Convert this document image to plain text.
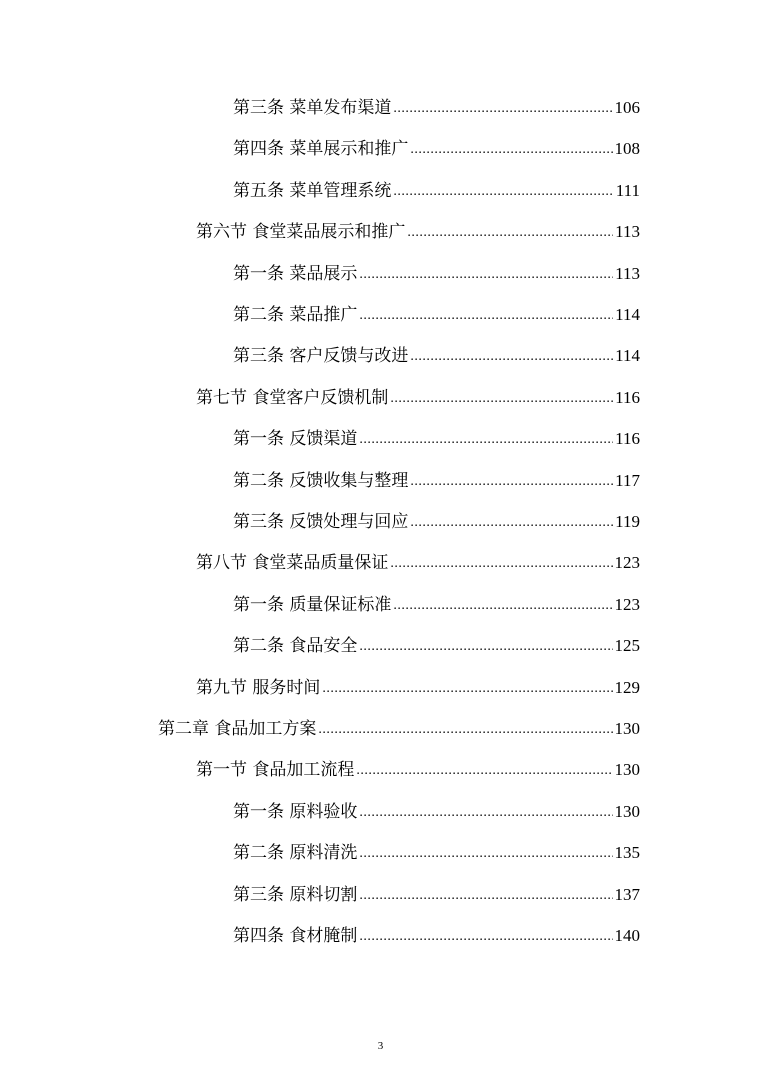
第三条 菜单发布渠道 .....	106
第四条 菜单展示和推广 .....	108
第五条 菜单管理系统 .....	111
第六节 食堂菜品展示和推广 .....	113
第一条 菜品展示 .....	113
第二条 菜品推广 .....	114
第三条 客户反馈与改进 .....	114
第七节 食堂客户反馈机制 .....	116
第一条 反馈渠道 .....	116
第二条 反馈收集与整理 .....	117
第三条 反馈处理与回应 .....	119
第八节 食堂菜品质量保证 .....	123
第一条 质量保证标准 .....	123
第二条 食品安全 .....	125
第九节 服务时间 .....	129
第二章 食品加工方案 .....	130
第一节 食品加工流程 .....	130
第一条 原料验收 .....	130
第二条 原料清洗 .....	135
第三条 原料切割 .....	137
第四条 食材腌制 .....	140
3
